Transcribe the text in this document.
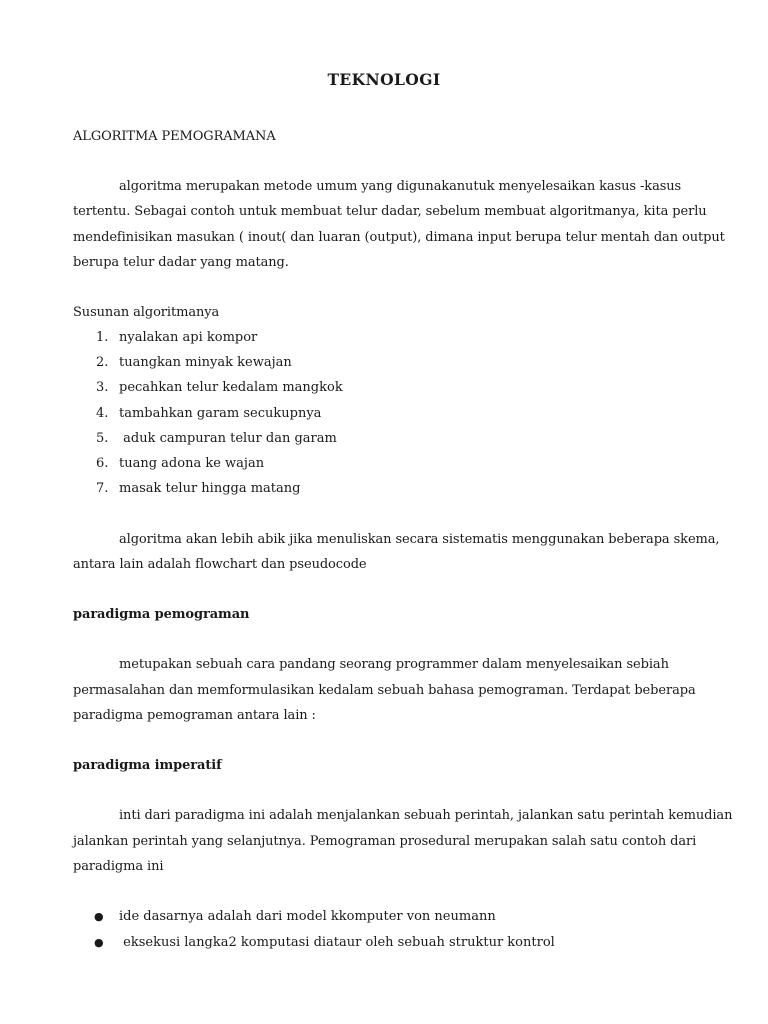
TEKNOLOGI
ALGORITMA PEMOGRAMANA
algoritma merupakan metode umum yang digunakanutuk menyelesaikan kasus -kasus
tertentu. Sebagai contoh untuk membuat telur dadar, sebelum membuat algoritmanya, kita perlu
mendefinisikan masukan ( inout( dan luaran (output), dimana input berupa telur mentah dan output
berupa telur dadar yang matang.
Susunan algoritmanya
1. nyalakan api kompor
2. tuangkan minyak kewajan
3. pecahkan telur kedalam mangkok
4. tambahkan garam secukupnya
5. aduk campuran telur dan garam
6. tuang adona ke wajan
7. masak telur hingga matang
algoritma akan lebih abik jika menuliskan secara sistematis menggunakan beberapa skema,
antara lain adalah flowchart dan pseudocode
paradigma pemograman
metupakan sebuah cara pandang seorang programmer dalam menyelesaikan sebiah
permasalahan dan memformulasikan kedalam sebuah bahasa pemograman. Terdapat beberapa
paradigma pemograman antara lain :
paradigma imperatif
inti dari paradigma ini adalah menjalankan sebuah perintah, jalankan satu perintah kemudian
jalankan perintah yang selanjutnya. Pemograman prosedural merupakan salah satu contoh dari
paradigma ini
● ide dasarnya adalah dari model kkomputer von neumann
● eksekusi langka2 komputasi diataur oleh sebuah struktur kontrol
